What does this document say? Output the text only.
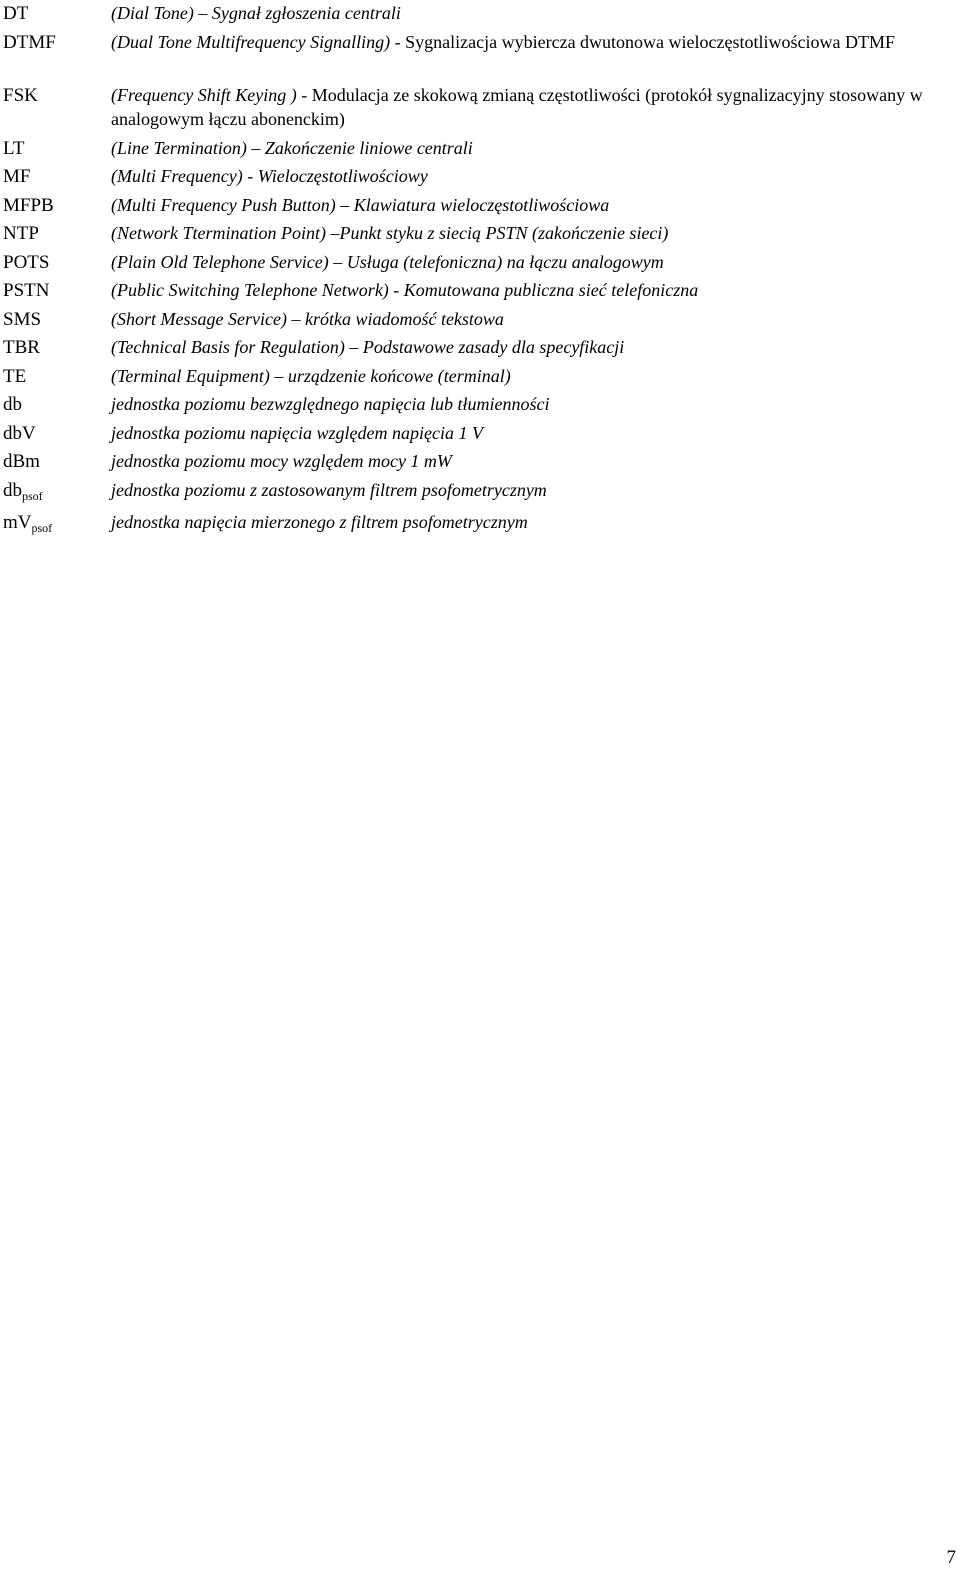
DT	(Dial Tone) – Sygnał zgłoszenia centrali
DTMF	(Dual Tone Multifrequency Signalling) - Sygnalizacja wybiercza dwutonowa wieloczęstotliwościowa DTMF
FSK	(Frequency Shift Keying ) - Modulacja ze skokową zmianą częstotliwości (protokół sygnalizacyjny stosowany w analogowym łączu abonenckim)
LT	(Line Termination) – Zakończenie liniowe centrali
MF	(Multi Frequency) - Wieloczęstotliwościowy
MFPB	(Multi Frequency Push Button) – Klawiatura wieloczęstotliwościowa
NTP	(Network Ttermination Point) –Punkt styku z siecią PSTN (zakończenie sieci)
POTS	(Plain Old Telephone Service) – Usługa (telefoniczna) na łączu analogowym
PSTN	(Public Switching Telephone Network) - Komutowana publiczna sieć telefoniczna
SMS	(Short Message Service) – krótka wiadomość tekstowa
TBR	(Technical Basis for Regulation) – Podstawowe zasady dla specyfikacji
TE	(Terminal Equipment) – urządzenie końcowe (terminal)
db	jednostka poziomu bezwzględnego napięcia lub tłumienności
dbV	jednostka poziomu napięcia względem napięcia 1 V
dBm	jednostka poziomu mocy względem mocy 1 mW
$db_{psof}$	jednostka poziomu z zastosowanym filtrem psofometrycznym
$mV_{psof}$	jednostka napięcia mierzonego z filtrem psofometrycznym
7
